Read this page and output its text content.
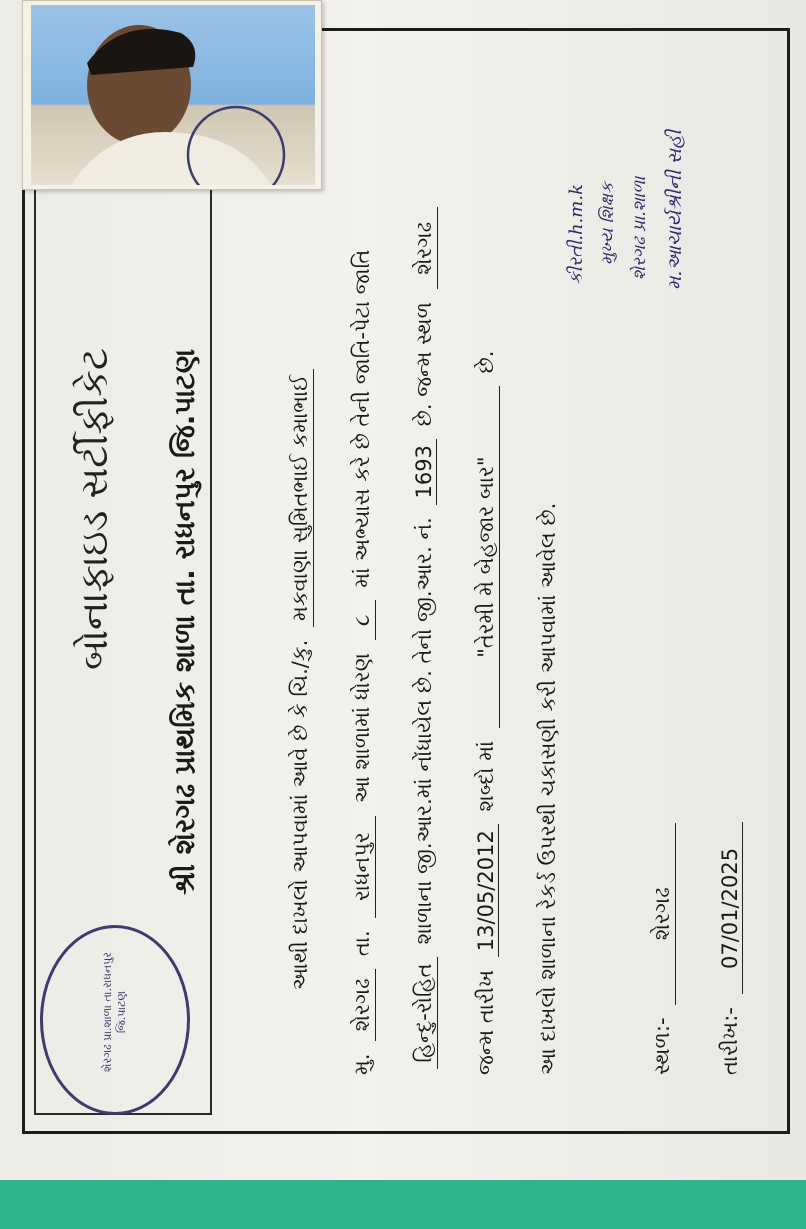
શેરગઢ પ્રા.શાળા તા.રાધનપુર જિ.પાટણ
બોનાફાઇડ સર્ટીફીકેટ શ્રી શેરગઢ પ્રાથમિક શાળા તા. રાધનપુર જિ.પાટણ	આથી દાખલો આપવામાં આવે છે કે ચિ./કુ. મકવાણા સુમિતભાઈ કમાભાઈ
મુ. શેરગઢ તા. રાધનપુર આ શાળામાં ધોરણ ૮ માં અભ્યાસ કરે છે તેની જાતિ-પેટા જાતિ
હિન્દુ-રોહિત શાળાના જી.આર.માં નોંધાયેલ છે. તેનો જી.આર. નં. 1693 છે. જન્મ સ્થળ શેરગઢ
જન્મ તારીખ 13/05/2012 શબ્દો માં "તેરમી મે બેહજાર બાર" છે.
આ દાખલો શાળાના રેકર્ડ ઉપરથી ચકાસણી કરી આપવામાં આવેલ છે.	સ્થળ:- શેરગઢ
તારીખ:- 07/01/2025
કીરતી.h.m.k મુખ્ય શિક્ષક શેરગઢ પ્રા.શાળા મ.આચાર્યશ્રીની સહી
